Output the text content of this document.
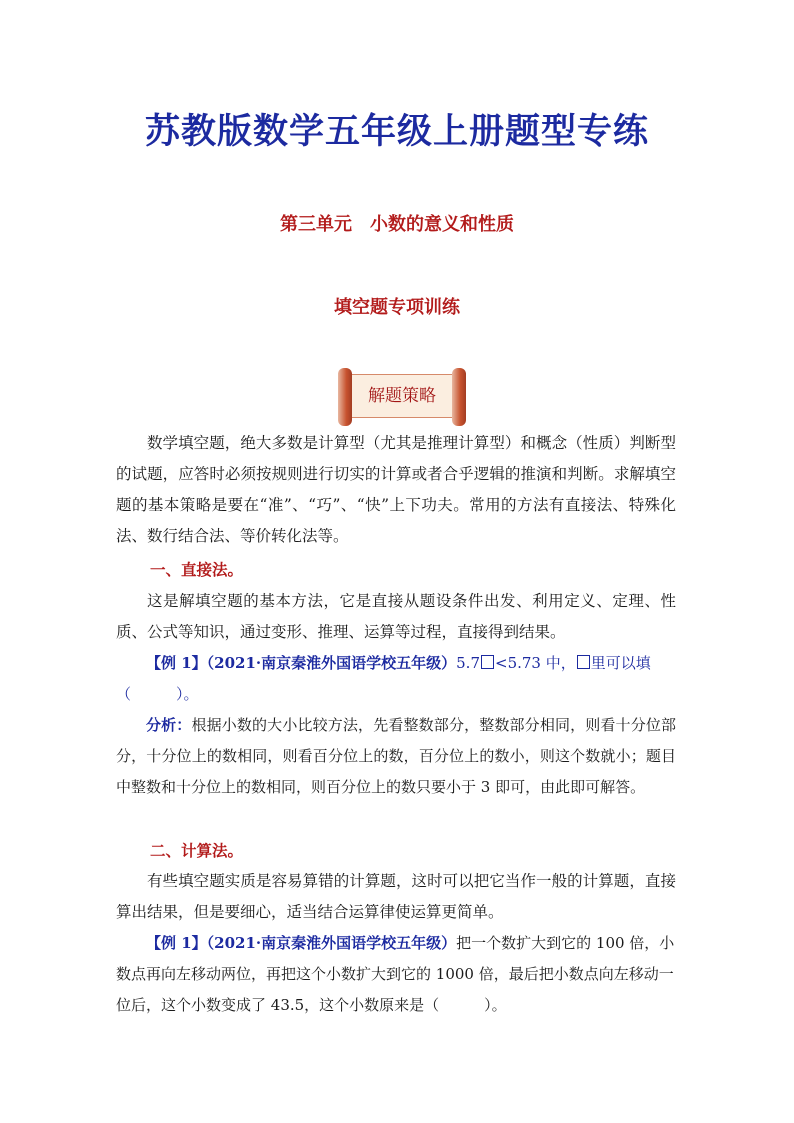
苏教版数学五年级上册题型专练
第三单元 小数的意义和性质
填空题专项训练
解题策略
数学填空题，绝大多数是计算型（尤其是推理计算型）和概念（性质）判断型的试题，应答时必须按规则进行切实的计算或者合乎逻辑的推演和判断。求解填空题的基本策略是要在“准”、“巧”、“快”上下功夫。常用的方法有直接法、特殊化法、数行结合法、等价转化法等。
一、直接法。
这是解填空题的基本方法，它是直接从题设条件出发、利用定义、定理、性质、公式等知识，通过变形、推理、运算等过程，直接得到结果。
【例 1】（2021·南京秦淮外国语学校五年级）5.7 <5.73 中， 里可以填（　　　）。
分析：根据小数的大小比较方法，先看整数部分，整数部分相同，则看十分位部分，十分位上的数相同，则看百分位上的数，百分位上的数小，则这个数就小；题目中整数和十分位上的数相同，则百分位上的数只要小于 3 即可，由此即可解答。
二、计算法。
有些填空题实质是容易算错的计算题，这时可以把它当作一般的计算题，直接算出结果，但是要细心，适当结合运算律使运算更简单。
【例 1】（2021·南京秦淮外国语学校五年级）把一个数扩大到它的 100 倍，小数点再向左移动两位，再把这个小数扩大到它的 1000 倍，最后把小数点向左移动一位后，这个小数变成了 43.5，这个小数原来是（　　　）。
